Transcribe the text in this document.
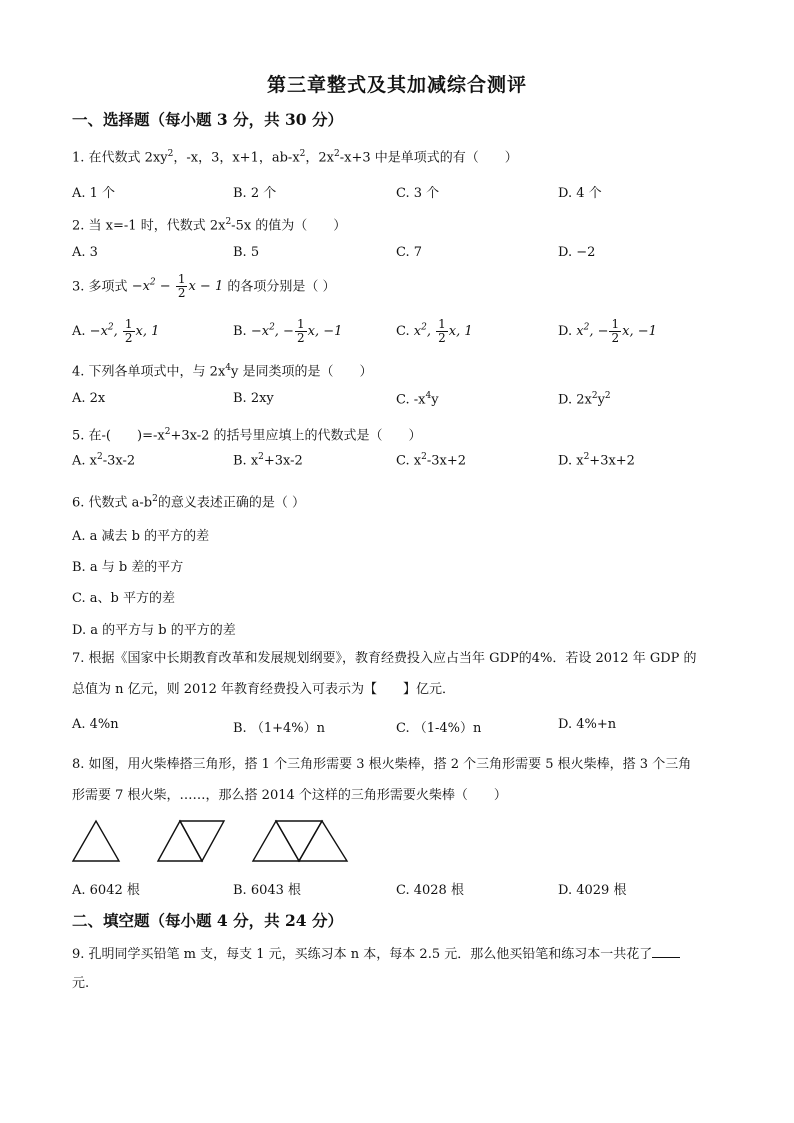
第三章整式及其加减综合测评
一、选择题（每小题 3 分，共 30 分）
1. 在代数式 $2xy^2$，-x，3，x+1，$ab-x^2$，$2x^2-x+3$ 中是单项式的有（　　）
A. 1 个	B. 2 个	C. 3 个	D. 4 个
2. 当 x=-1 时，代数式 $2x^2-5x$ 的值为（　　）
A. 3	B. 5	C. 7	D. −2
3. 多项式 $-x^2 - \frac{1}{2}$ x − 1 的各项分别是（ ）
A. $-x^2$, $\frac{1}{2} x$, 1	B. $-x^2$, − $\frac{1}{2} x$, −1	C. $x^2$, $\frac{1}{2} x$, 1	D. $x^2$, − $\frac{1}{2} x$, −1
4. 下列各单项式中，与 $2x^4y$ 是同类项的是（　　）
A. 2x	B. 2xy	C. $-x^4y$	D. $2x^2y^2$
5. 在-(　　)$=-x^2+3x-2$ 的括号里应填上的代数式是（　　）
A. $x^2-3x-2$	B. $x^2+3x-2$	C. $x^2-3x+2$	D. $x^2+3x+2$
6. 代数式 $a-b^2$的意义表述正确的是（ ）
A. a 减去 b 的平方的差
B. a 与 b 差的平方
C. a、b 平方的差
D. a 的平方与 b 的平方的差
7. 根据《国家中长期教育改革和发展规划纲要》，教育经费投入应占当年 GDP的4%．若设 2012 年 GDP 的
总值为 n 亿元，则 2012 年教育经费投入可表示为【　　】亿元．
A. 4%n	B. （1+4%）n	C. （1-4%）n	D. 4%+n
8. 如图，用火柴棒搭三角形，搭 1 个三角形需要 3 根火柴棒，搭 2 个三角形需要 5 根火柴棒，搭 3 个三角
形需要 7 根火柴，……，那么搭 2014 个这样的三角形需要火柴棒（　　）
A. 6042 根	B. 6043 根	C. 4028 根	D. 4029 根
二、填空题（每小题 4 分，共 24 分）
9. 孔明同学买铅笔 m 支，每支 1 元，买练习本 n 本，每本 2.5 元．那么他买铅笔和练习本一共花了
元.
